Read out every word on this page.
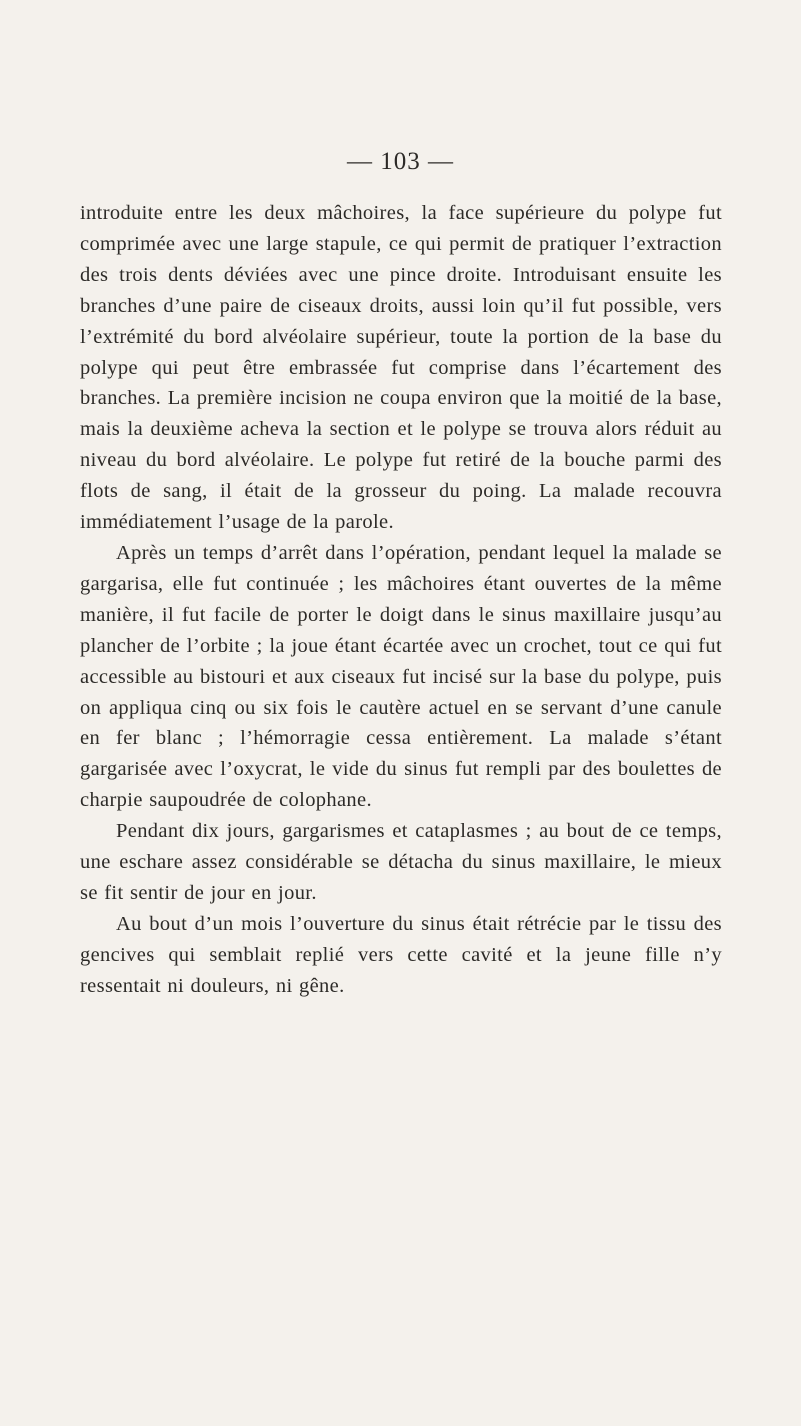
— 103 —

introduite entre les deux mâchoires, la face supérieure du polype fut comprimée avec une large stapule, ce qui permit de pratiquer l’extraction des trois dents déviées avec une pince droite. Introduisant ensuite les branches d’une paire de ciseaux droits, aussi loin qu’il fut possible, vers l’extrémité du bord alvéolaire supérieur, toute la portion de la base du polype qui peut être embrassée fut comprise dans l’écartement des branches. La première incision ne coupa environ que la moitié de la base, mais la deuxième acheva la section et le polype se trouva alors réduit au niveau du bord alvéolaire. Le polype fut retiré de la bouche parmi des flots de sang, il était de la grosseur du poing. La malade recouvra immédiatement l’usage de la parole.

Après un temps d’arrêt dans l’opération, pendant lequel la malade se gargarisa, elle fut continuée ; les mâchoires étant ouvertes de la même manière, il fut facile de porter le doigt dans le sinus maxillaire jusqu’au plancher de l’orbite ; la joue étant écartée avec un crochet, tout ce qui fut accessible au bistouri et aux ciseaux fut incisé sur la base du polype, puis on appliqua cinq ou six fois le cautère actuel en se servant d’une canule en fer blanc ; l’hémorragie cessa entièrement. La malade s’étant gargarisée avec l’oxycrat, le vide du sinus fut rempli par des boulettes de charpie saupoudrée de colophane.

Pendant dix jours, gargarismes et cataplasmes ; au bout de ce temps, une eschare assez considérable se détacha du sinus maxillaire, le mieux se fit sentir de jour en jour.

Au bout d’un mois l’ouverture du sinus était rétrécie par le tissu des gencives qui semblait replié vers cette cavité et la jeune fille n’y ressentait ni douleurs, ni gêne.
